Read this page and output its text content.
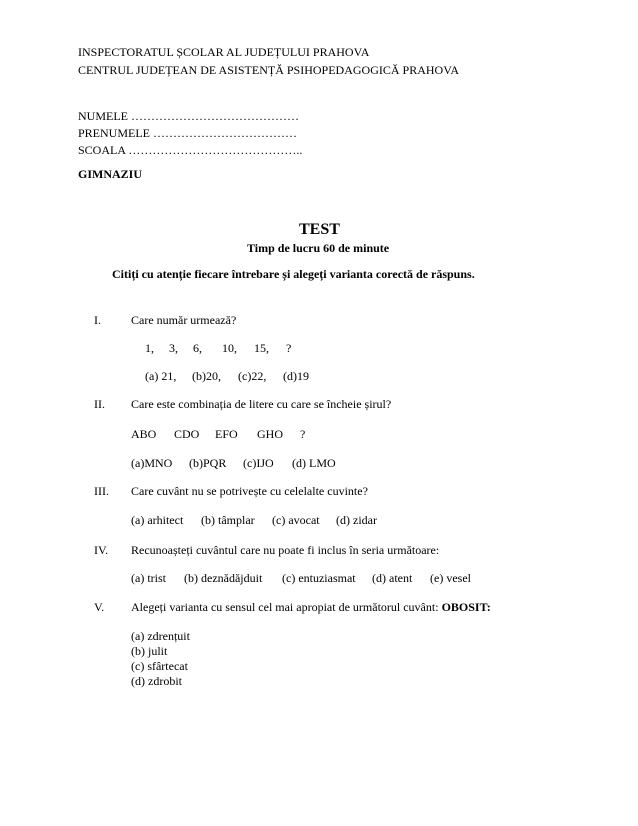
INSPECTORATUL ȘCOLAR AL JUDEȚULUI PRAHOVA
CENTRUL JUDEȚEAN DE ASISTENȚĂ PSIHOPEDAGOGICĂ PRAHOVA
NUMELE ……………………………………
PRENUMELE ………………………………
SCOALA ……………………………………..
GIMNAZIU
TEST
Timp de lucru 60 de minute
Citiți cu atenție fiecare întrebare și alegeți varianta corectă de răspuns.
I.	Care număr urmează?
1, 3, 6, 10, 15, ?
(a) 21, (b)20, (c)22, (d)19
II. Care este combinația de litere cu care se încheie șirul?
ABO CDO EFO GHO ?
(a)MNO (b)PQR (c)IJO (d) LMO
III. Care cuvânt nu se potrivește cu celelalte cuvinte?
(a) arhitect (b) tâmplar (c) avocat (d) zidar
IV. Recunoașteți cuvântul care nu poate fi inclus în seria următoare:
(a) trist (b) deznădăjduit (c) entuziasmat (d) atent (e) vesel
V. Alegeți varianta cu sensul cel mai apropiat de următorul cuvânt: OBOSIT:
(a) zdrențuit
(b) julit
(c) sfârtecat
(d) zdrobit
